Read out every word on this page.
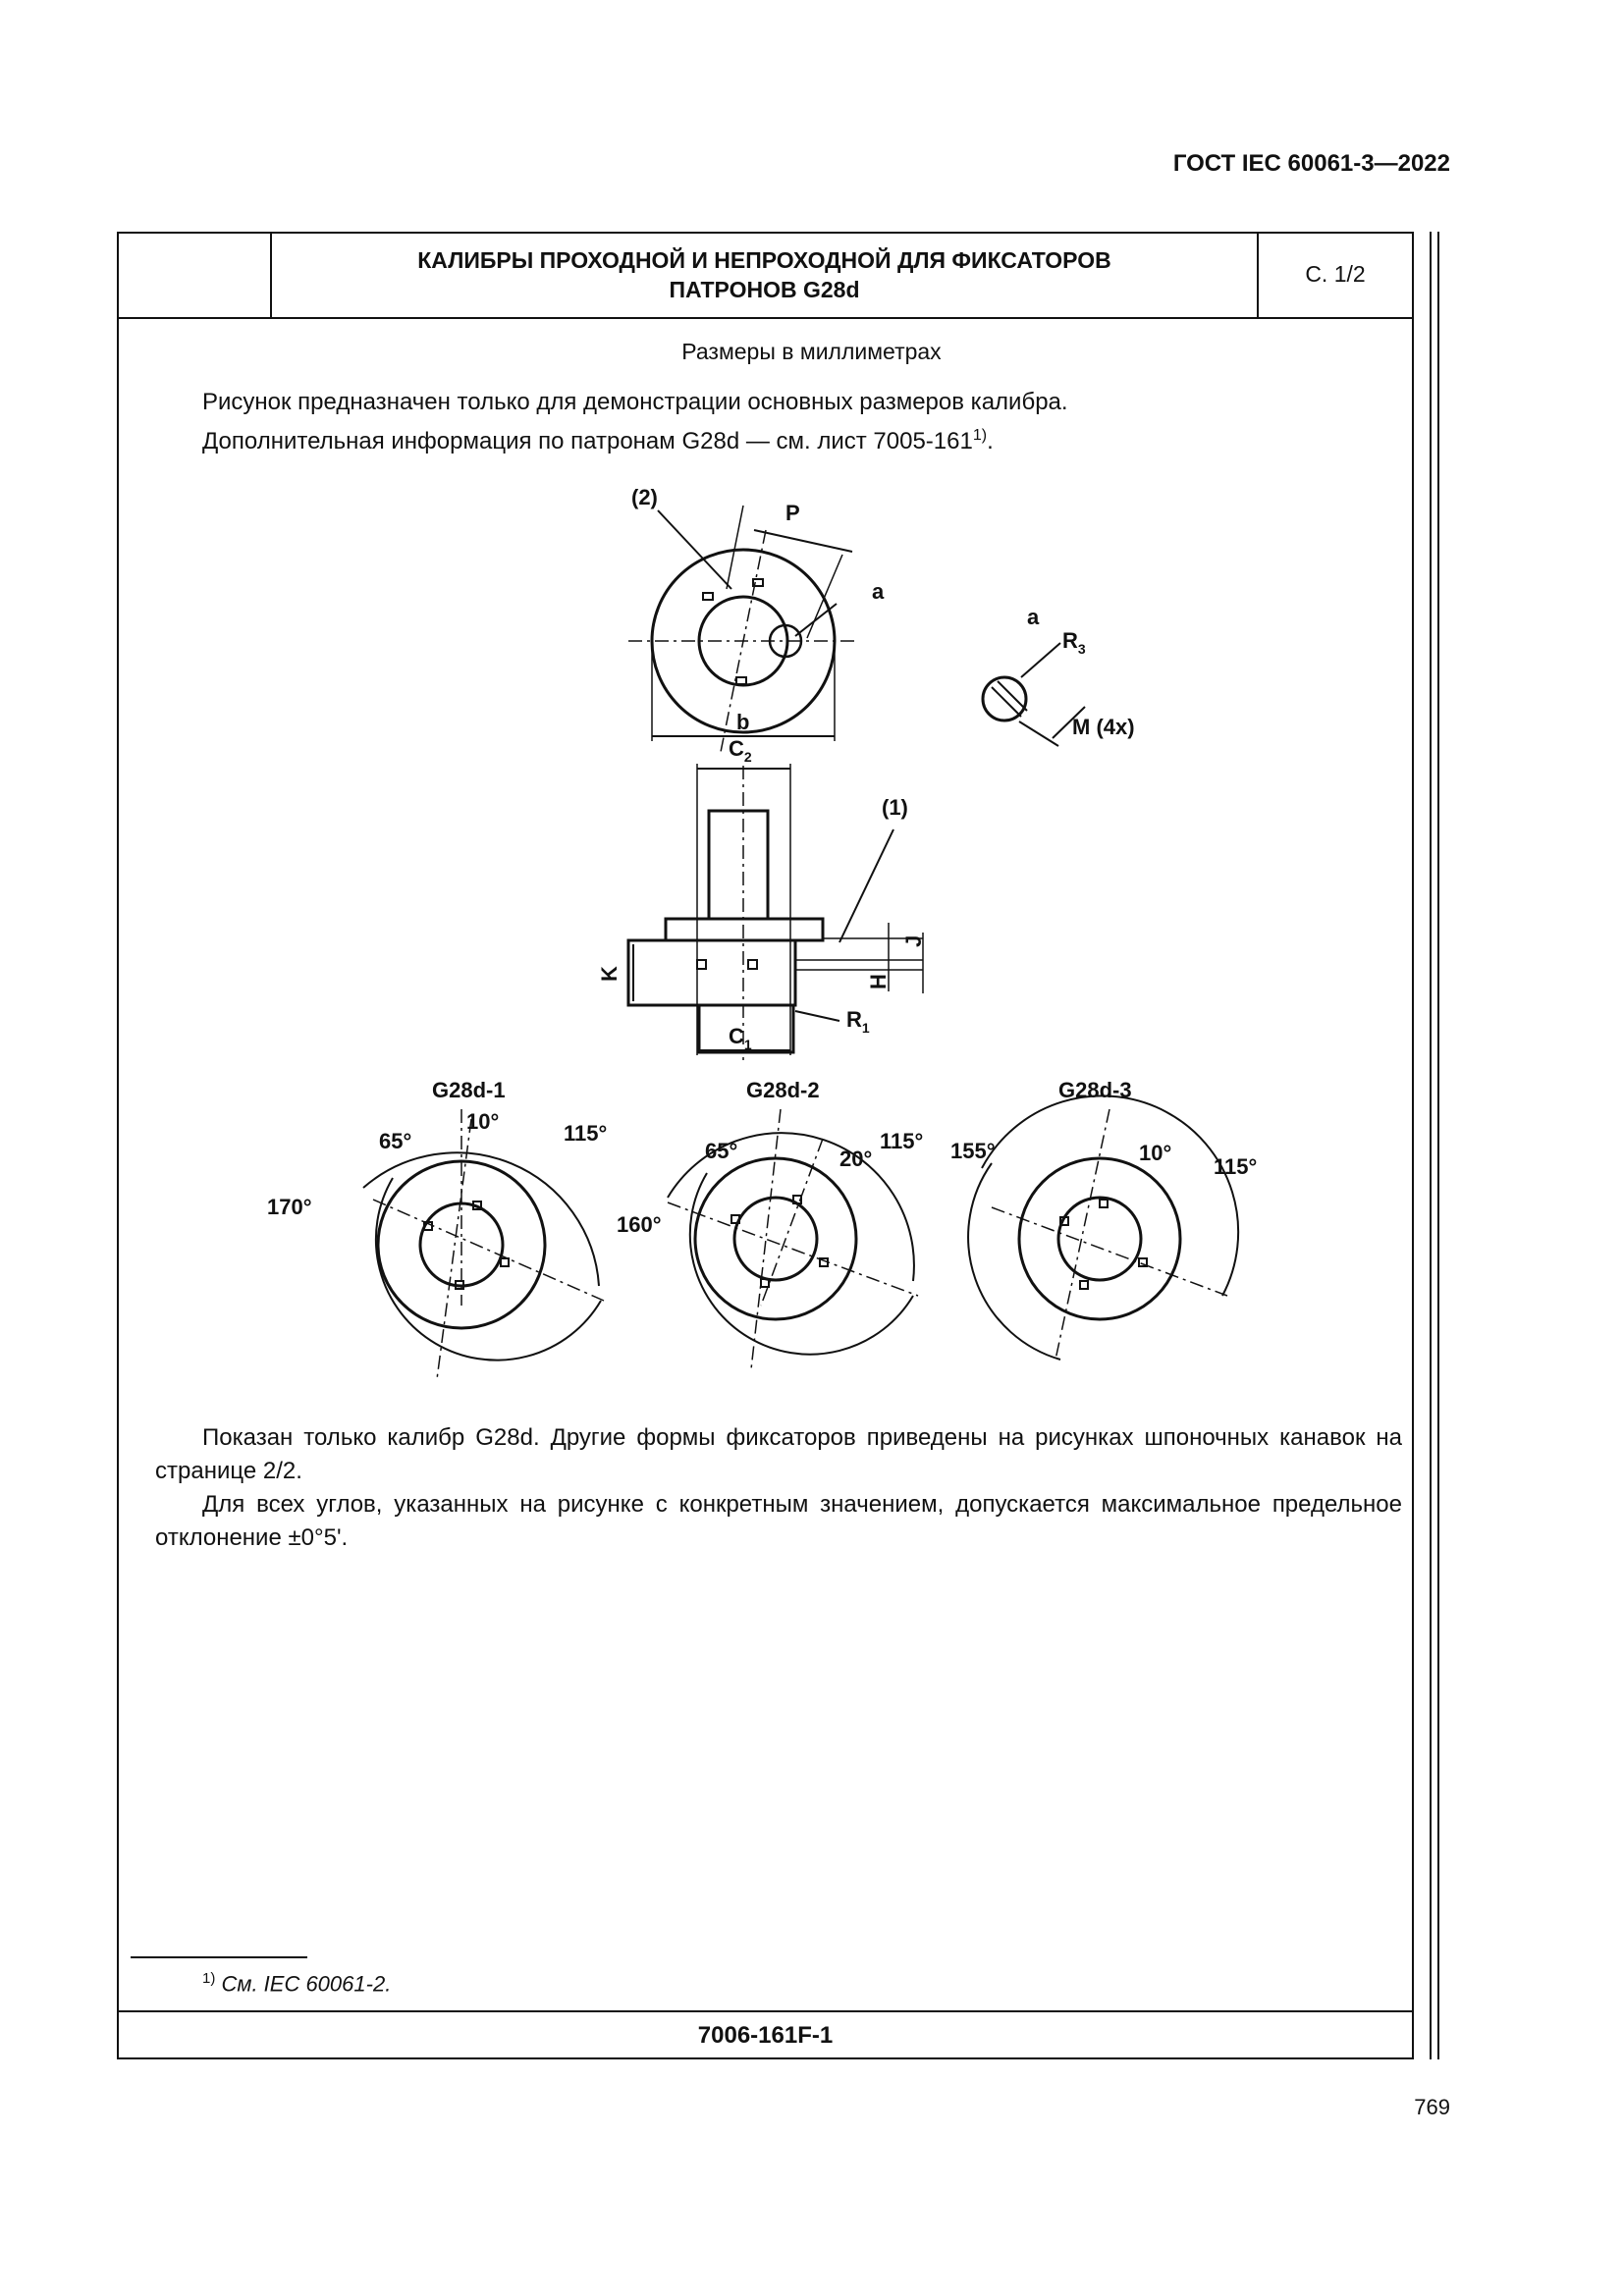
ГОСТ IEC 60061-3—2022
КАЛИБРЫ ПРОХОДНОЙ И НЕПРОХОДНОЙ ДЛЯ ФИКСАТОРОВ
ПАТРОНОВ G28d
С. 1/2
Размеры в миллиметрах
Рисунок предназначен только для демонстрации основных размеров калибра.
Дополнительная информация по патронам G28d — см. лист 7005-161$^{1)}$.
(2)
P
a
b
a
$R_3$
M (4x)
$C_2$
(1)
K
J
H
$R_1$
$C_1$
G28d-1
65°
10°	115°
170°
G28d-2
65°	20°
115°
160°
G28d-3
155°	10°
115°
Показан только калибр G28d. Другие формы фиксаторов приведены на рисунках шпоночных канавок на странице 2/2.
Для всех углов, указанных на рисунке с конкретным значением, допускается максимальное предельное отклонение ±0°5'.
$^{1)}$ См. IEC 60061-2.
7006-161F-1
769
